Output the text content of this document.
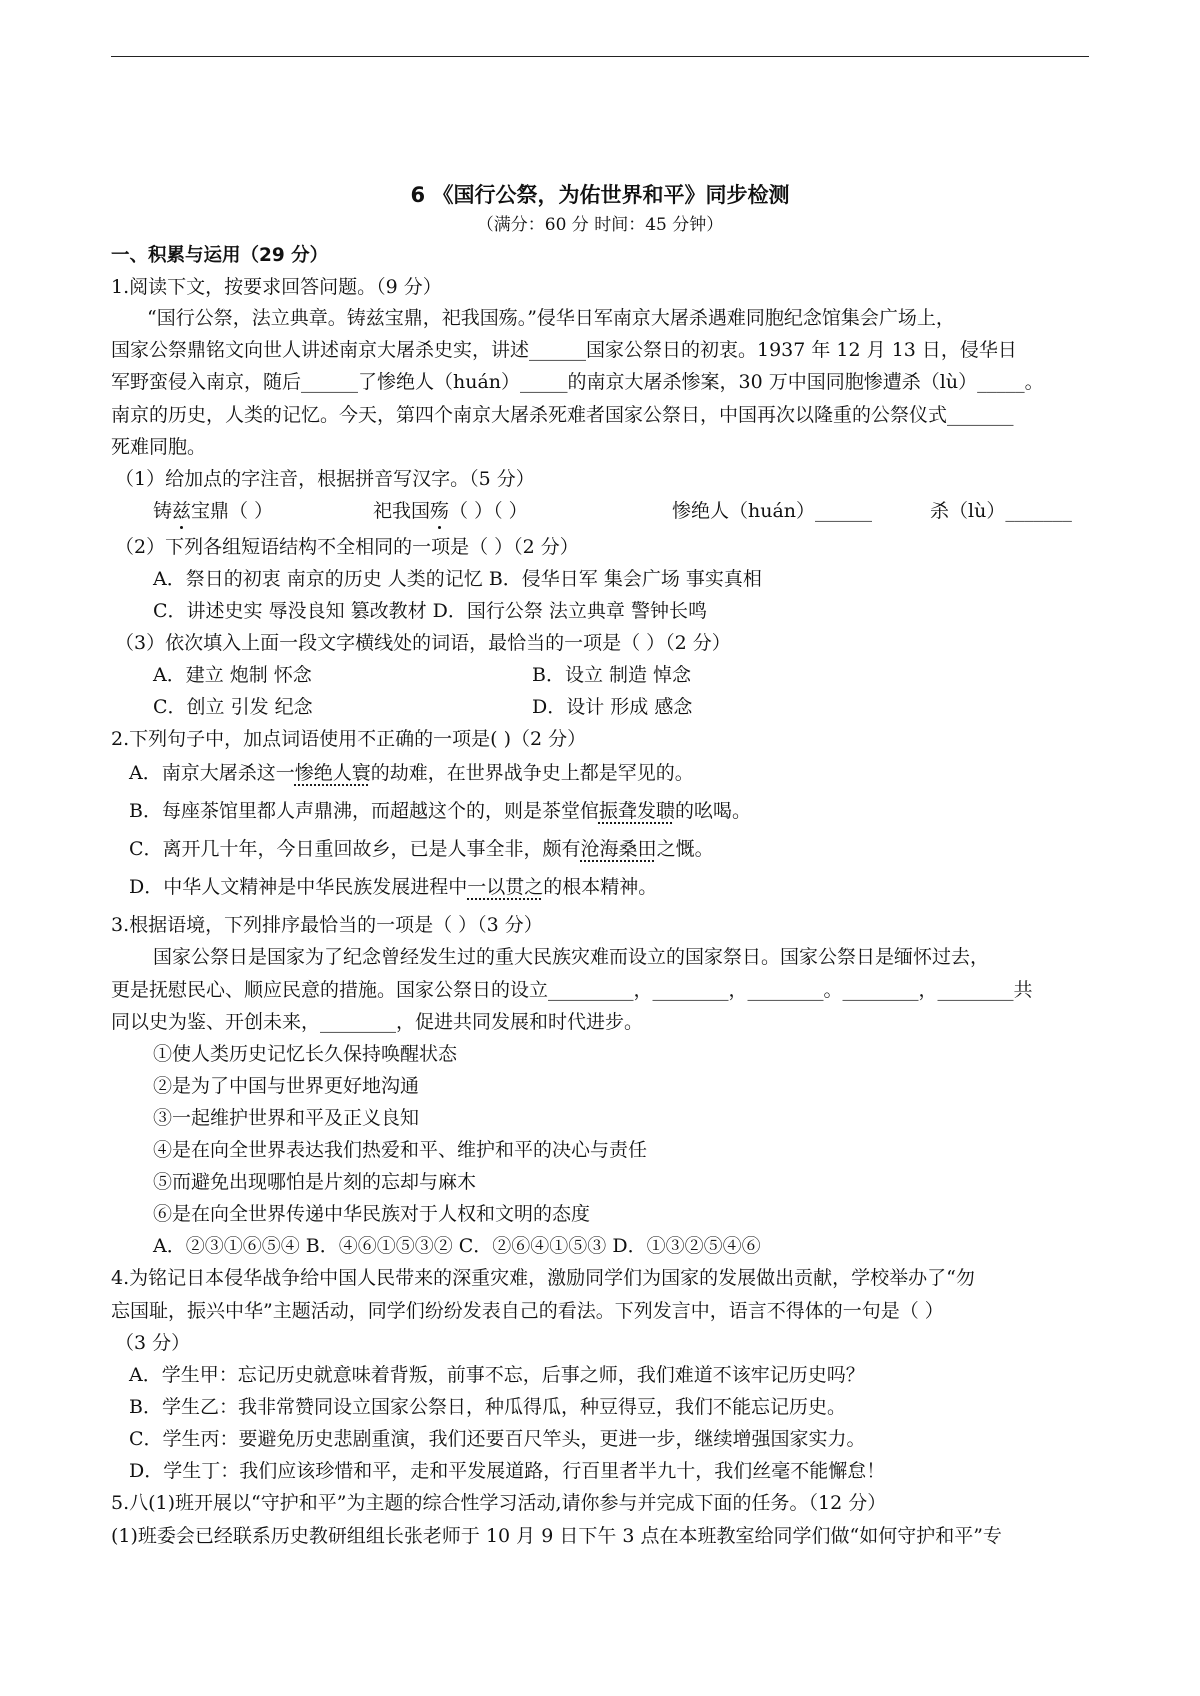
6 《国行公祭，为佑世界和平》同步检测
（满分：60 分 时间：45 分钟）
一、积累与运用（29 分）
1.阅读下文，按要求回答问题。（9 分）
“国行公祭，法立典章。铸兹宝鼎，祀我国殇。”侵华日军南京大屠杀遇难同胞纪念馆集会广场上，
国家公祭鼎铭文向世人讲述南京大屠杀史实，讲述______国家公祭日的初衷。1937 年 12 月 13 日，侵华日
军野蛮侵入南京，随后______了惨绝人（huán）_____的南京大屠杀惨案，30 万中国同胞惨遭杀（lù）_____。
南京的历史，人类的记忆。今天，第四个南京大屠杀死难者国家公祭日，中国再次以隆重的公祭仪式_______
死难同胞。
（1）给加点的字注音，根据拼音写汉字。（5 分）
铸兹宝鼎（ ）	祀我国殇（ ）（ ）	惨绝人（huán）______	杀（lù）_______
（2）下列各组短语结构不全相同的一项是（ ）（2 分）
A．祭日的初衷 南京的历史 人类的记忆 B．侵华日军 集会广场 事实真相
C．讲述史实 辱没良知 篡改教材 D．国行公祭 法立典章 警钟长鸣
（3）依次填入上面一段文字横线处的词语，最恰当的一项是（ ）（2 分）
A．建立 炮制 怀念	B．设立 制造 悼念
C．创立 引发 纪念	D．设计 形成 感念
2.下列句子中，加点词语使用不正确的一项是( )（2 分）
A．南京大屠杀这一惨绝人寰的劫难，在世界战争史上都是罕见的。
B．每座茶馆里都人声鼎沸，而超越这个的，则是茶堂倌振聋发聩的吆喝。
C．离开几十年，今日重回故乡，已是人事全非，颇有沧海桑田之慨。
D．中华人文精神是中华民族发展进程中一以贯之的根本精神。
3.根据语境，下列排序最恰当的一项是（ ）（3 分）
国家公祭日是国家为了纪念曾经发生过的重大民族灾难而设立的国家祭日。国家公祭日是缅怀过去，
更是抚慰民心、顺应民意的措施。国家公祭日的设立_________，________，________。________，________共
同以史为鉴、开创未来，________，促进共同发展和时代进步。
①使人类历史记忆长久保持唤醒状态
②是为了中国与世界更好地沟通
③一起维护世界和平及正义良知
④是在向全世界表达我们热爱和平、维护和平的决心与责任
⑤而避免出现哪怕是片刻的忘却与麻木
⑥是在向全世界传递中华民族对于人权和文明的态度
A．②③①⑥⑤④ B．④⑥①⑤③② C．②⑥④①⑤③ D．①③②⑤④⑥
4.为铭记日本侵华战争给中国人民带来的深重灾难，激励同学们为国家的发展做出贡献，学校举办了“勿
忘国耻，振兴中华”主题活动，同学们纷纷发表自己的看法。下列发言中，语言不得体的一句是（ ）
（3 分）
A．学生甲：忘记历史就意味着背叛，前事不忘，后事之师，我们难道不该牢记历史吗？
B．学生乙：我非常赞同设立国家公祭日，种瓜得瓜，种豆得豆，我们不能忘记历史。
C．学生丙：要避免历史悲剧重演，我们还要百尺竿头，更进一步，继续增强国家实力。
D．学生丁：我们应该珍惜和平，走和平发展道路，行百里者半九十，我们丝毫不能懈怠！
5.八(1)班开展以“守护和平”为主题的综合性学习活动,请你参与并完成下面的任务。（12 分）
(1)班委会已经联系历史教研组组长张老师于 10 月 9 日下午 3 点在本班教室给同学们做“如何守护和平”专
